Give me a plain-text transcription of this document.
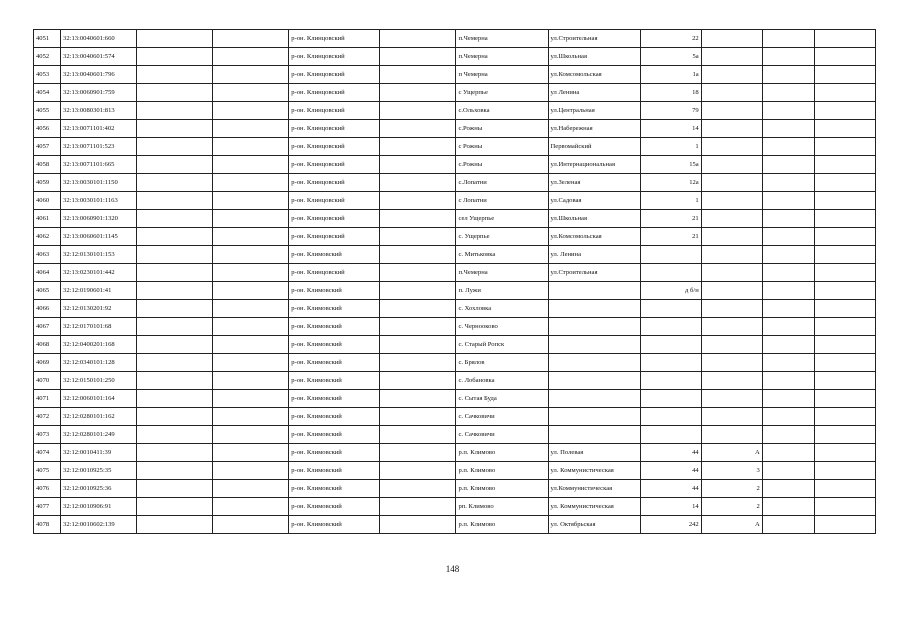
4051	32:13:0040601:660			р-он. Клинцовский		п.Чемерна	ул.Строительная	22			
4052	32:13:0040601:574			р-он. Клинцовский		п.Чемерна	ул.Школьная	5а			
4053	32:13:0040601:796			р-он. Клинцовский		п Чемерна	ул.Комсомольская	1а			
4054	32:13:0060901:759			р-он. Клинцовский		с Ущерпье	ул Ленина	18			
4055	32:13:0080301:813			р-он. Клинцовский		с.Ольховка	ул.Центральная	79			
4056	32:13:0071101:402			р-он. Клинцовский		с.Рожны	ул.Набережная	14			
4057	32:13:0071101:523			р-он. Клинцовский		с Рожны	Первомайский	1			
4058	32:13:0071101:665			р-он. Клинцовский		с.Рожны	ул.Интернациональная	15а			
4059	32:13:0030101:1150			р-он. Клинцовский		с.Лопатни	ул.Зеленая	12а			
4060	32:13:0030101:1163			р-он. Клинцовский		с Лопатни	ул.Садовая	1			
4061	32:13:0060901:1320			р-он. Клинцовский		сел Ущерпье	ул.Школьная	21			
4062	32:13:0060601:1145			р-он. Клинцовский		с. Ущерпье	ул.Комсомольская	21			
4063	32:12:0130101:153			р-он. Климовский		с. Митьковка	ул. Ленина				
4064	32:13:0230101:442			р-он. Клинцовский		п.Чемерна	ул.Строительная				
4065	32:12:0190601:41			р-он. Климовский		п. Лужи		д б/н			
4066	32:12:0130201:92			р-он. Климовский		с. Хохловка					
4067	32:12:0170101:68			р-он. Климовский		с. Чернооково					
4068	32:12:0400201:168			р-он. Климовский		с. Старый Ропск					
4069	32:12:0340101:128			р-он. Климовский		с. Брялов					
4070	32:12:0150101:250			р-он. Климовский		с. Лобановка					
4071	32:12:0060101:164			р-он. Климовский		с. Сытая Буда					
4072	32:12:0280101:162			р-он. Климовский		с. Сачковичи					
4073	32:12:0280101:249			р-он. Климовский		с. Сачковичи					
4074	32:12:0010411:39			р-он. Климовский		р.п. Климово	ул. Полевая	44	А		
4075	32:12:0010925:35			р-он. Климовский		р.п. Климово	ул. Коммунистическая	44	3		
4076	32:12:0010925:36			р-он. Климовский		р.п. Климово	ул.Коммунистическая	44	2		
4077	32:12:0010906:91			р-он. Климовский		рп. Климово	ул. Коммунистическая	14	2		
4078	32:12:0010602:139			р-он. Климовский		р.п. Климово	ул. Октябрьская	242	А		
148
